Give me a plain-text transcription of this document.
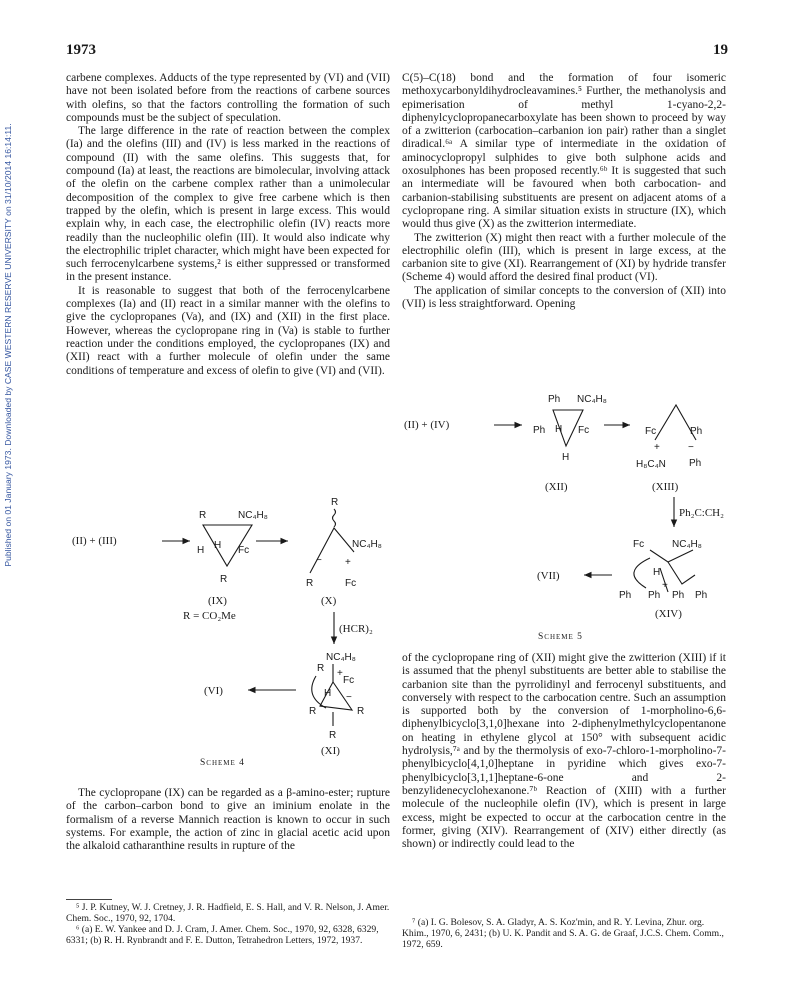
1973	19
Published on 01 January 1973. Downloaded by CASE WESTERN RESERVE UNIVERSITY on 31/10/2014 16:14:11.

carbene complexes. Adducts of the type represented by (VI) and (VII) have not been isolated before from the reactions of carbene sources with olefins, so that the factors controlling the formation of such compounds must be the subject of speculation.

The large difference in the rate of reaction between the complex (Ia) and the olefins (III) and (IV) is less marked in the reactions of compound (II) with the same olefins. This suggests that, for compound (Ia) at least, the reactions are bimolecular, involving attack of the olefin on the carbene complex rather than a unimolecular decomposition of the complex to give free carbene which is then trapped by the olefin, which is present in large excess. This would explain why, in each case, the electrophilic olefin (IV) reacts more readily than the nucleophilic olefin (III). It would also indicate why the electrophilic triplet character, which might have been expected for such ferrocenylcarbene systems,² is either suppressed or transformed in the present instance.

It is reasonable to suggest that both of the ferrocenylcarbene complexes (Ia) and (II) react in a similar manner with the olefins to give the cyclopropanes (Va), and (IX) and (XII) in the first place. However, whereas the cyclopropane ring in (Va) is stable to further reaction under the conditions employed, the cyclopropanes (IX) and (XII) react with a further molecule of olefin under the same conditions of temperature and excess of olefin to give (VI) and (VII).

C(5)–C(18) bond and the formation of four isomeric methoxycarbonyldihydrocleavamines.⁵ Further, the methanolysis and epimerisation of methyl 1-cyano-2,2-diphenylcyclopropanecarboxylate has been shown to proceed by way of a zwitterion (carbocation–carbanion ion pair) rather than a singlet diradical.⁶ᵃ A similar type of intermediate in the oxidation of aminocyclopropyl sulphides to give both sulphone acids and oxosulphones has been proposed recently.⁶ᵇ It is suggested that such an intermediate will be favoured when both carbocation- and carbanion-stabilising substituents are present on adjacent atoms of a cyclopropane ring. A similar situation exists in structure (IX), which would thus give (X) as the zwitterion intermediate.

The zwitterion (X) might then react with a further molecule of the electrophilic olefin (III), which is present in large excess, at the carbanion site to give (XI). Rearrangement of (XI) by hydride transfer (Scheme 4) would afford the desired final product (VI).

The application of similar concepts to the conversion of (XII) into (VII) is less straightforward. Opening

The cyclopropane (IX) can be regarded as a β-amino-ester; rupture of the carbon–carbon bond to give an iminium enolate in the formalism of a reverse Mannich reaction is known to occur in such systems. For example, the action of zinc in glacial acetic acid upon the alkaloid catharanthine results in rupture of the

of the cyclopropane ring of (XII) might give the zwitterion (XIII) if it is assumed that the phenyl substituents are better able to stabilise the carbanion site than the pyrrolidinyl and ferrocenyl substituents, and conversely with respect to the carbocation centre. Such an assumption is supported both by the conversion of 1-morpholino-6,6-diphenylbicyclo[3,1,0]hexane into 2-diphenylmethylcyclopentanone on heating in ethylene glycol at 150° with subsequent acidic hydrolysis,⁷ᵃ and by the thermolysis of exo-7-chloro-1-morpholino-7-phenylbicyclo[4,1,0]heptane in pyridine which gives exo-7-phenylbicyclo[3,1,1]heptane-6-one and 2-benzylidenecyclohexanone.⁷ᵇ Reaction of (XIII) with a further molecule of the nucleophile olefin (IV), which is present in large excess, might be expected to occur at the carbocation centre in the former, giving (XIV). Rearrangement of (XIV) either directly (as shown) or indirectly could lead to the

⁵ J. P. Kutney, W. J. Cretney, J. R. Hadfield, E. S. Hall, and V. R. Nelson, J. Amer. Chem. Soc., 1970, 92, 1704.

⁶ (a) E. W. Yankee and D. J. Cram, J. Amer. Chem. Soc., 1970, 92, 6328, 6329, 6331; (b) R. H. Rynbrandt and F. E. Dutton, Tetrahedron Letters, 1972, 1937.

⁷ (a) I. G. Bolesov, S. A. Gladyr, A. S. Koz'min, and R. Y. Levina, Zhur. org. Khim., 1970, 6, 2431; (b) U. K. Pandit and S. A. G. de Graaf, J.C.S. Chem. Comm., 1972, 659.

Scheme 4
Scheme 5
(II) + (III)
R	NC₄H₈
H H Fc
R
(IX)
R = CO₂Me
R
NC₄H₈
+
−
R	Fc
(X)
(HCR)₂
NC₄H₈
+
R
Fc
H
R	R
−
R
(XI)
(VI)
(II) + (IV)
Ph NC₄H₈
Ph H Fc
H
(XII)
Fc	Ph
+	−
H₈C₄N Ph
(XIII)
Ph₂C:CH₂
Fc	NC₄H₈
H
Ph Ph Ph Ph
+
(XIV)
(VII)
